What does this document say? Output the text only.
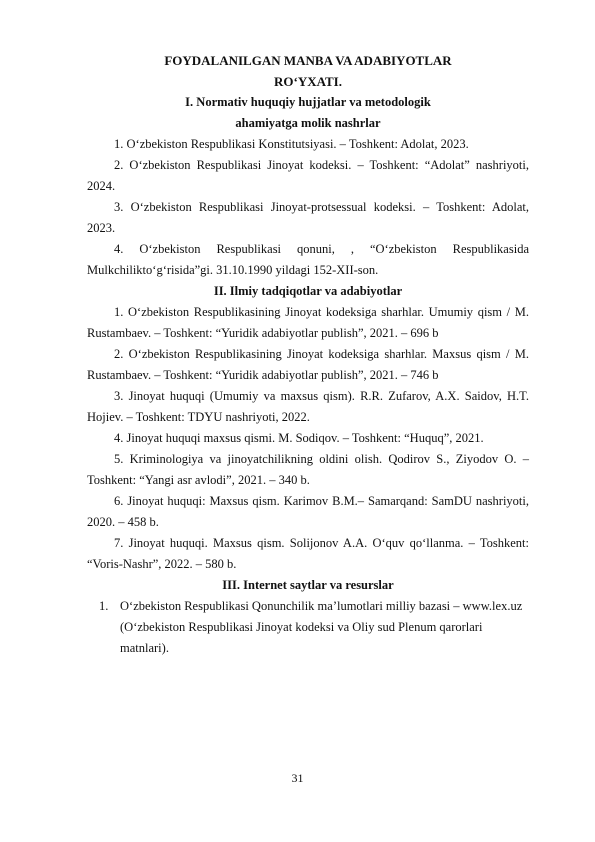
FOYDALANILGAN MANBA VA ADABIYOTLAR
RO‘YXATI.
I. Normativ huquqiy hujjatlar va metodologik
ahamiyatga molik nashrlar

1. O‘zbekiston Respublikasi Konstitutsiyasi. – Toshkent: Adolat, 2023.

2. O‘zbekiston Respublikasi Jinoyat kodeksi. – Toshkent: “Adolat” nashriyoti, 2024.

3. O‘zbekiston Respublikasi Jinoyat-protsessual kodeksi. – Toshkent: Adolat, 2023.

4. O‘zbekiston Respublikasi qonuni, , “O‘zbekiston Respublikasida Mulkchilikto‘g‘risida”gi. 31.10.1990 yildagi 152-XII-son.

II. Ilmiy tadqiqotlar va adabiyotlar

1. O‘zbekiston Respublikasining Jinoyat kodeksiga sharhlar. Umumiy qism / M. Rustambaev. – Toshkent: “Yuridik adabiyotlar publish”, 2021. – 696 b

2. O‘zbekiston Respublikasining Jinoyat kodeksiga sharhlar. Maxsus qism / M. Rustambaev. – Toshkent: “Yuridik adabiyotlar publish”, 2021. – 746 b

3. Jinoyat huquqi (Umumiy va maxsus qism). R.R. Zufarov, A.X. Saidov, H.T. Hojiev. – Toshkent: TDYU nashriyoti, 2022.

4. Jinoyat huquqi maxsus qismi. M. Sodiqov. – Toshkent: “Huquq”, 2021.

5. Kriminologiya va jinoyatchilikning oldini olish. Qodirov S., Ziyodov O. – Toshkent: “Yangi asr avlodi”, 2021. – 340 b.

6. Jinoyat huquqi: Maxsus qism. Karimov B.M.– Samarqand: SamDU nashriyoti, 2020. – 458 b.

7. Jinoyat huquqi. Maxsus qism. Solijonov A.A. O‘quv qo‘llanma. – Toshkent: “Voris-Nashr”, 2022. – 580 b.

III. Internet saytlar va resurslar
1. O‘zbekiston Respublikasi Qonunchilik ma’lumotlari milliy bazasi – www.lex.uz (O‘zbekiston Respublikasi Jinoyat kodeksi va Oliy sud Plenum qarorlari matnlari).
31
